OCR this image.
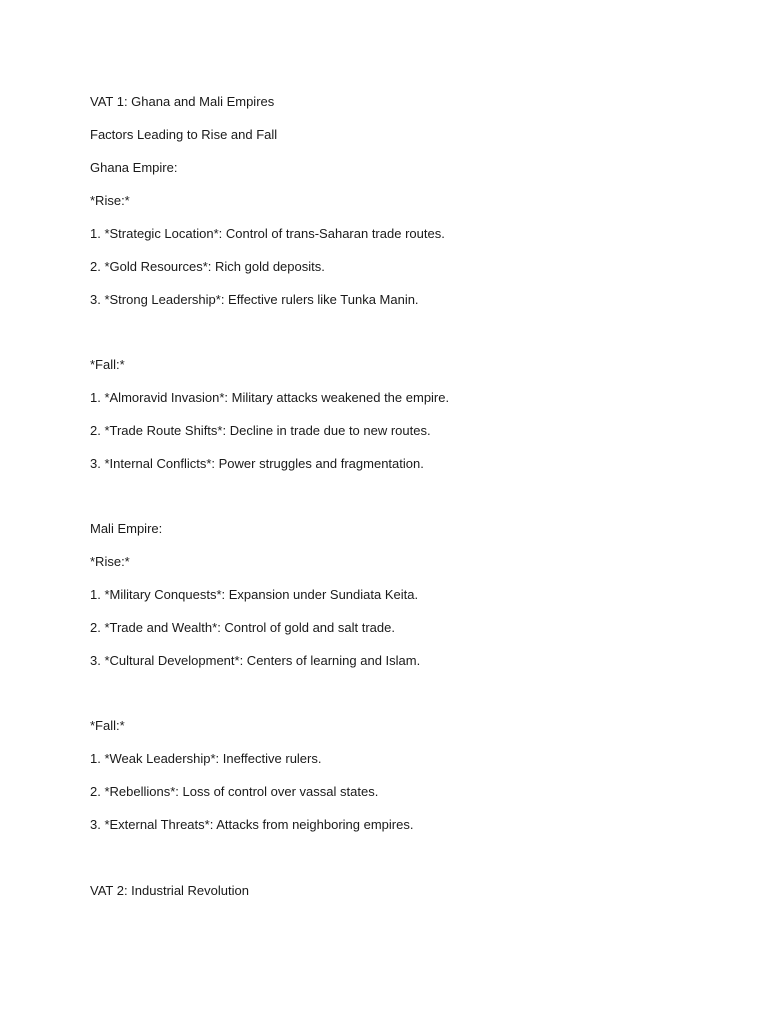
VAT 1: Ghana and Mali Empires
Factors Leading to Rise and Fall
Ghana Empire:
*Rise:*
1. *Strategic Location*: Control of trans-Saharan trade routes.
2. *Gold Resources*: Rich gold deposits.
3. *Strong Leadership*: Effective rulers like Tunka Manin.
*Fall:*
1. *Almoravid Invasion*: Military attacks weakened the empire.
2. *Trade Route Shifts*: Decline in trade due to new routes.
3. *Internal Conflicts*: Power struggles and fragmentation.
Mali Empire:
*Rise:*
1. *Military Conquests*: Expansion under Sundiata Keita.
2. *Trade and Wealth*: Control of gold and salt trade.
3. *Cultural Development*: Centers of learning and Islam.
*Fall:*
1. *Weak Leadership*: Ineffective rulers.
2. *Rebellions*: Loss of control over vassal states.
3. *External Threats*: Attacks from neighboring empires.
VAT 2: Industrial Revolution
